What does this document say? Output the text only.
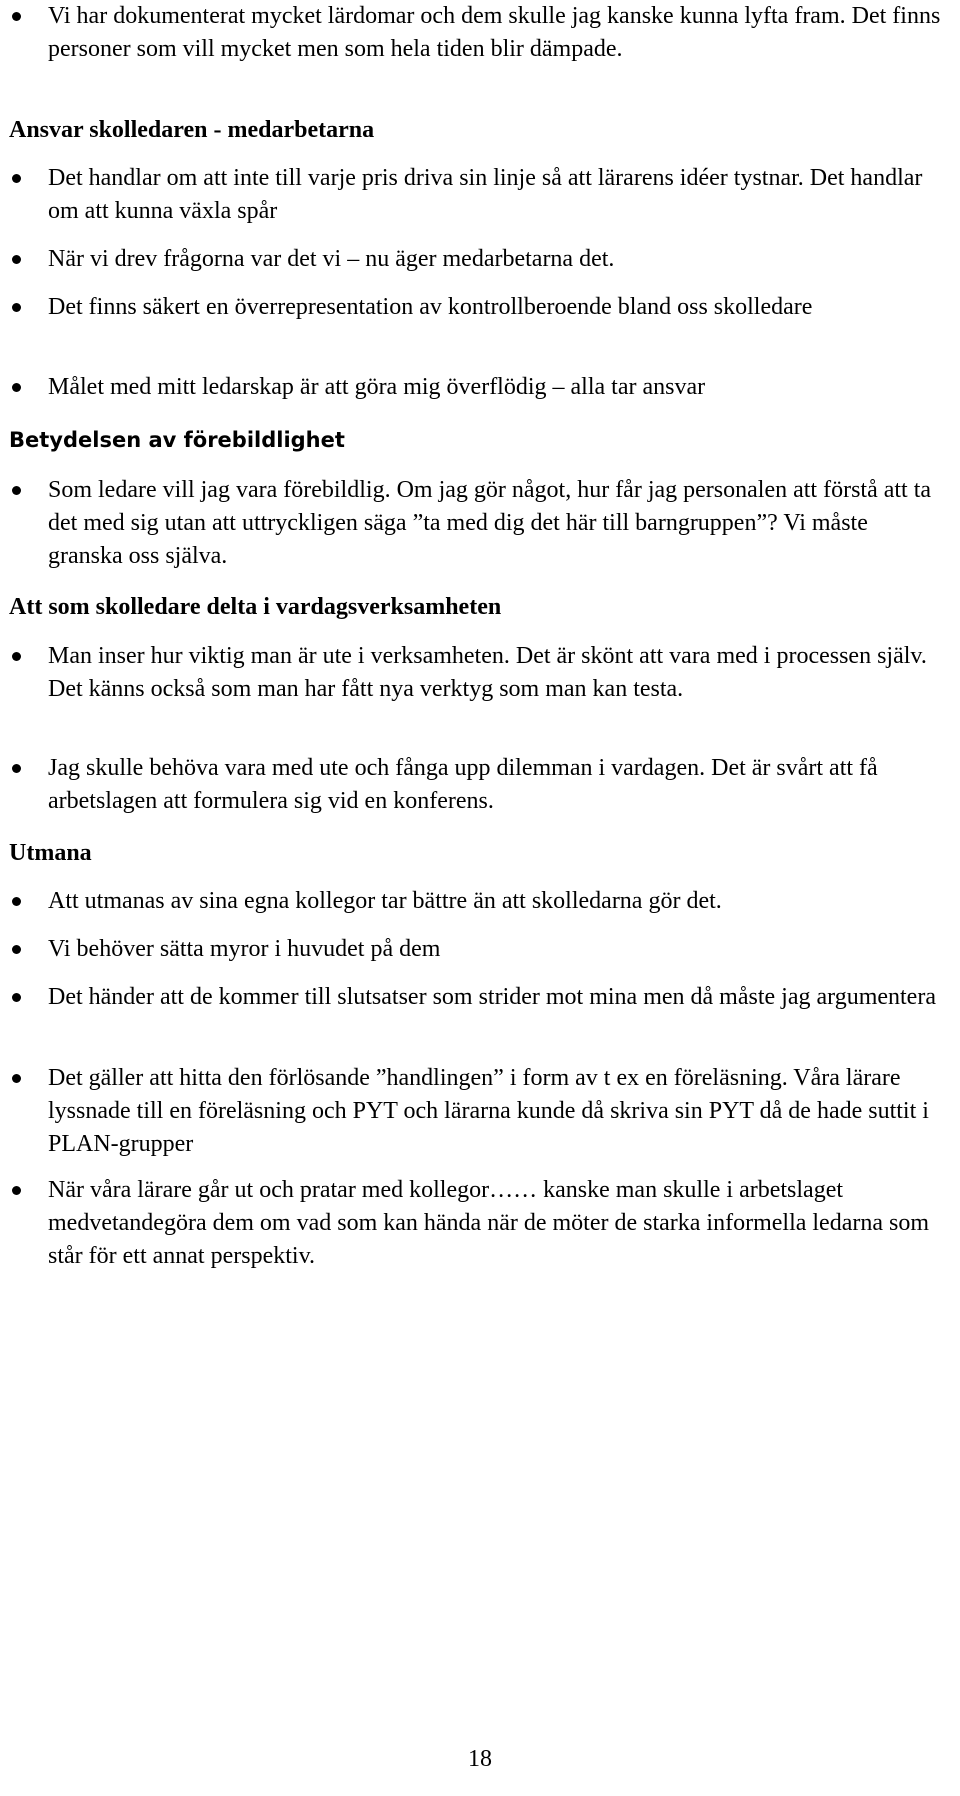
Vi har dokumenterat mycket lärdomar och dem skulle jag kanske kunna lyfta fram. Det finns personer som vill mycket men som hela tiden blir dämpade.

Ansvar skolledaren - medarbetarna

Det handlar om att inte till varje pris driva sin linje så att lärarens idéer tystnar. Det handlar om att kunna växla spår

När vi drev frågorna var det vi – nu äger medarbetarna det.

Det finns säkert en överrepresentation av kontrollberoende bland oss skolledare

Målet med mitt ledarskap är att göra mig överflödig – alla tar ansvar

Betydelsen av förebildlighet

Som ledare vill jag vara förebildlig. Om jag gör något, hur får jag personalen att förstå att ta det med sig utan att uttryckligen säga ”ta med dig det här till barngruppen”? Vi måste granska oss själva.

Att som skolledare delta i vardagsverksamheten

Man inser hur viktig man är ute i verksamheten. Det är skönt att vara med i processen själv. Det känns också som man har fått nya verktyg som man kan testa.

Jag skulle behöva vara med ute och fånga upp dilemman i vardagen. Det är svårt att få arbetslagen att formulera sig vid en konferens.

Utmana

Att utmanas av sina egna kollegor tar bättre än att skolledarna gör det.

Vi behöver sätta myror i huvudet på dem

Det händer att de kommer till slutsatser som strider mot mina men då måste jag argumentera

Det gäller att hitta den förlösande ”handlingen” i form av t ex en föreläsning. Våra lärare lyssnade till en föreläsning och PYT och lärarna kunde då skriva sin PYT då de hade suttit i PLAN-grupper

När våra lärare går ut och pratar med kollegor…… kanske man skulle i arbetslaget medvetandegöra dem om vad som kan hända när de möter de starka informella ledarna som står för ett annat perspektiv.

18
